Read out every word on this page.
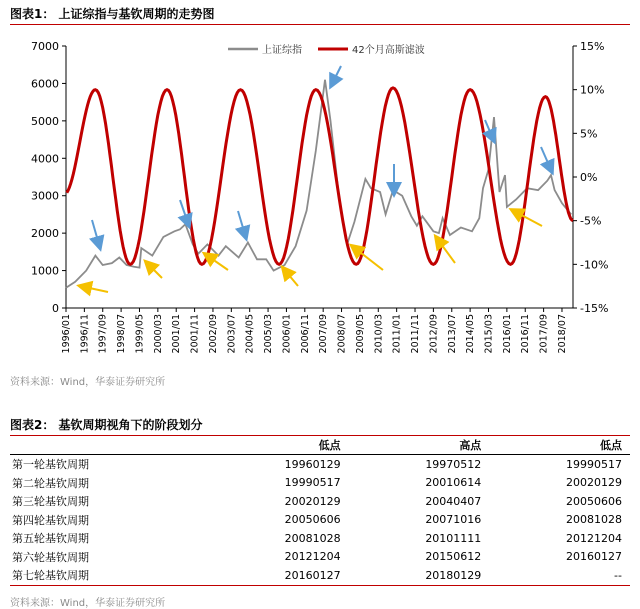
图表1： 上证综指与基钦周期的走势图
0
1000
2000
3000
4000
5000
6000
7000	15%
10%
5%
0%
-5%
-10%
-15%
1996/01 1996/11 1997/09 1998/07 1999/05 2000/03 2001/01 2001/11 2002/09 2003/07 2004/05 2005/03 2006/01 2006/11 2007/09 2008/07 2009/05 2010/03 2011/01 2011/11 2012/09 2013/07 2014/05 2015/03 2016/01 2016/11 2017/09 2018/07
上证综指	42个月高斯滤波
资料来源：Wind，华泰证券研究所
图表2： 基钦周期视角下的阶段划分
	低点	高点	低点
第一轮基钦周期	19960129	19970512	19990517
第二轮基钦周期	19990517	20010614	20020129
第三轮基钦周期	20020129	20040407	20050606
第四轮基钦周期	20050606	20071016	20081028
第五轮基钦周期	20081028	20101111	20121204
第六轮基钦周期	20121204	20150612	20160127
第七轮基钦周期	20160127	20180129	--
资料来源：Wind，华泰证券研究所
